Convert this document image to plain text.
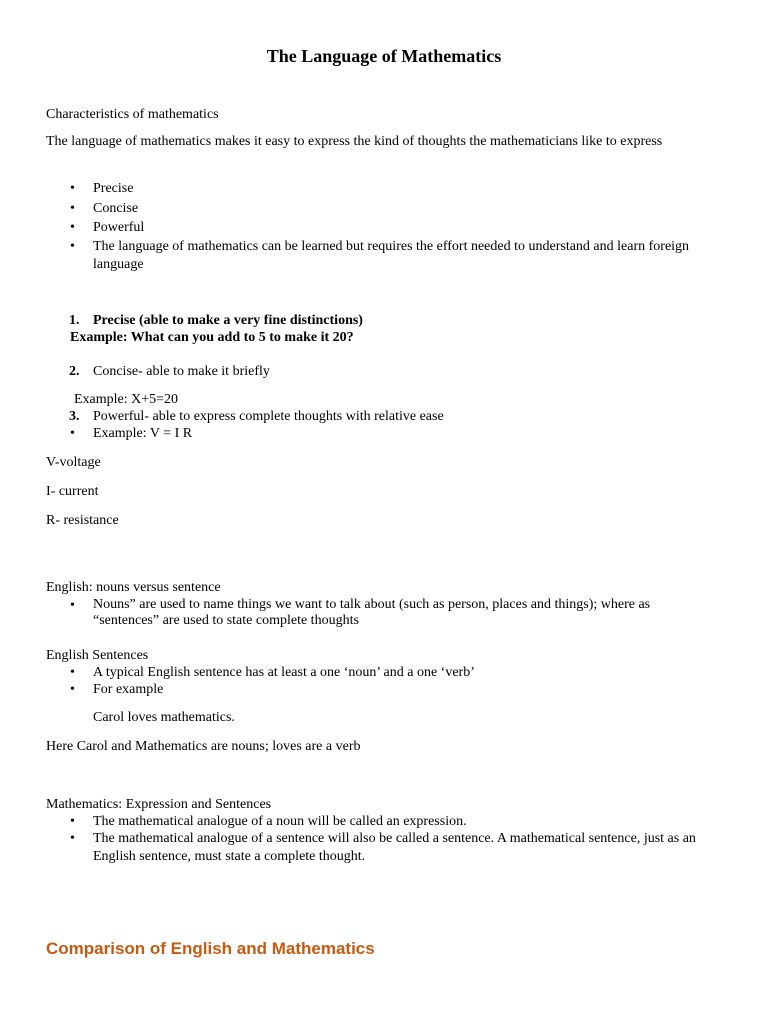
The Language of Mathematics
Characteristics of mathematics
The language of mathematics makes it easy to express the kind of thoughts the mathematicians like to express
• Precise
• Concise
• Powerful
• The language of mathematics can be learned but requires the effort needed to understand and learn foreign language
1. Precise (able to make a very fine distinctions)
Example: What can you add to 5 to make it 20?
2. Concise- able to make it briefly
Example: X+5=20
3. Powerful- able to express complete thoughts with relative ease
• Example: V = I R
V-voltage
I- current
R- resistance
English: nouns versus sentence
• Nouns” are used to name things we want to talk about (such as person, places and things); where as “sentences” are used to state complete thoughts
English Sentences
• A typical English sentence has at least a one ‘noun’ and a one ‘verb’
• For example
Carol loves mathematics.
Here Carol and Mathematics are nouns; loves are a verb
Mathematics: Expression and Sentences
• The mathematical analogue of a noun will be called an expression.
• The mathematical analogue of a sentence will also be called a sentence. A mathematical sentence, just as an English sentence, must state a complete thought.
Comparison of English and Mathematics
